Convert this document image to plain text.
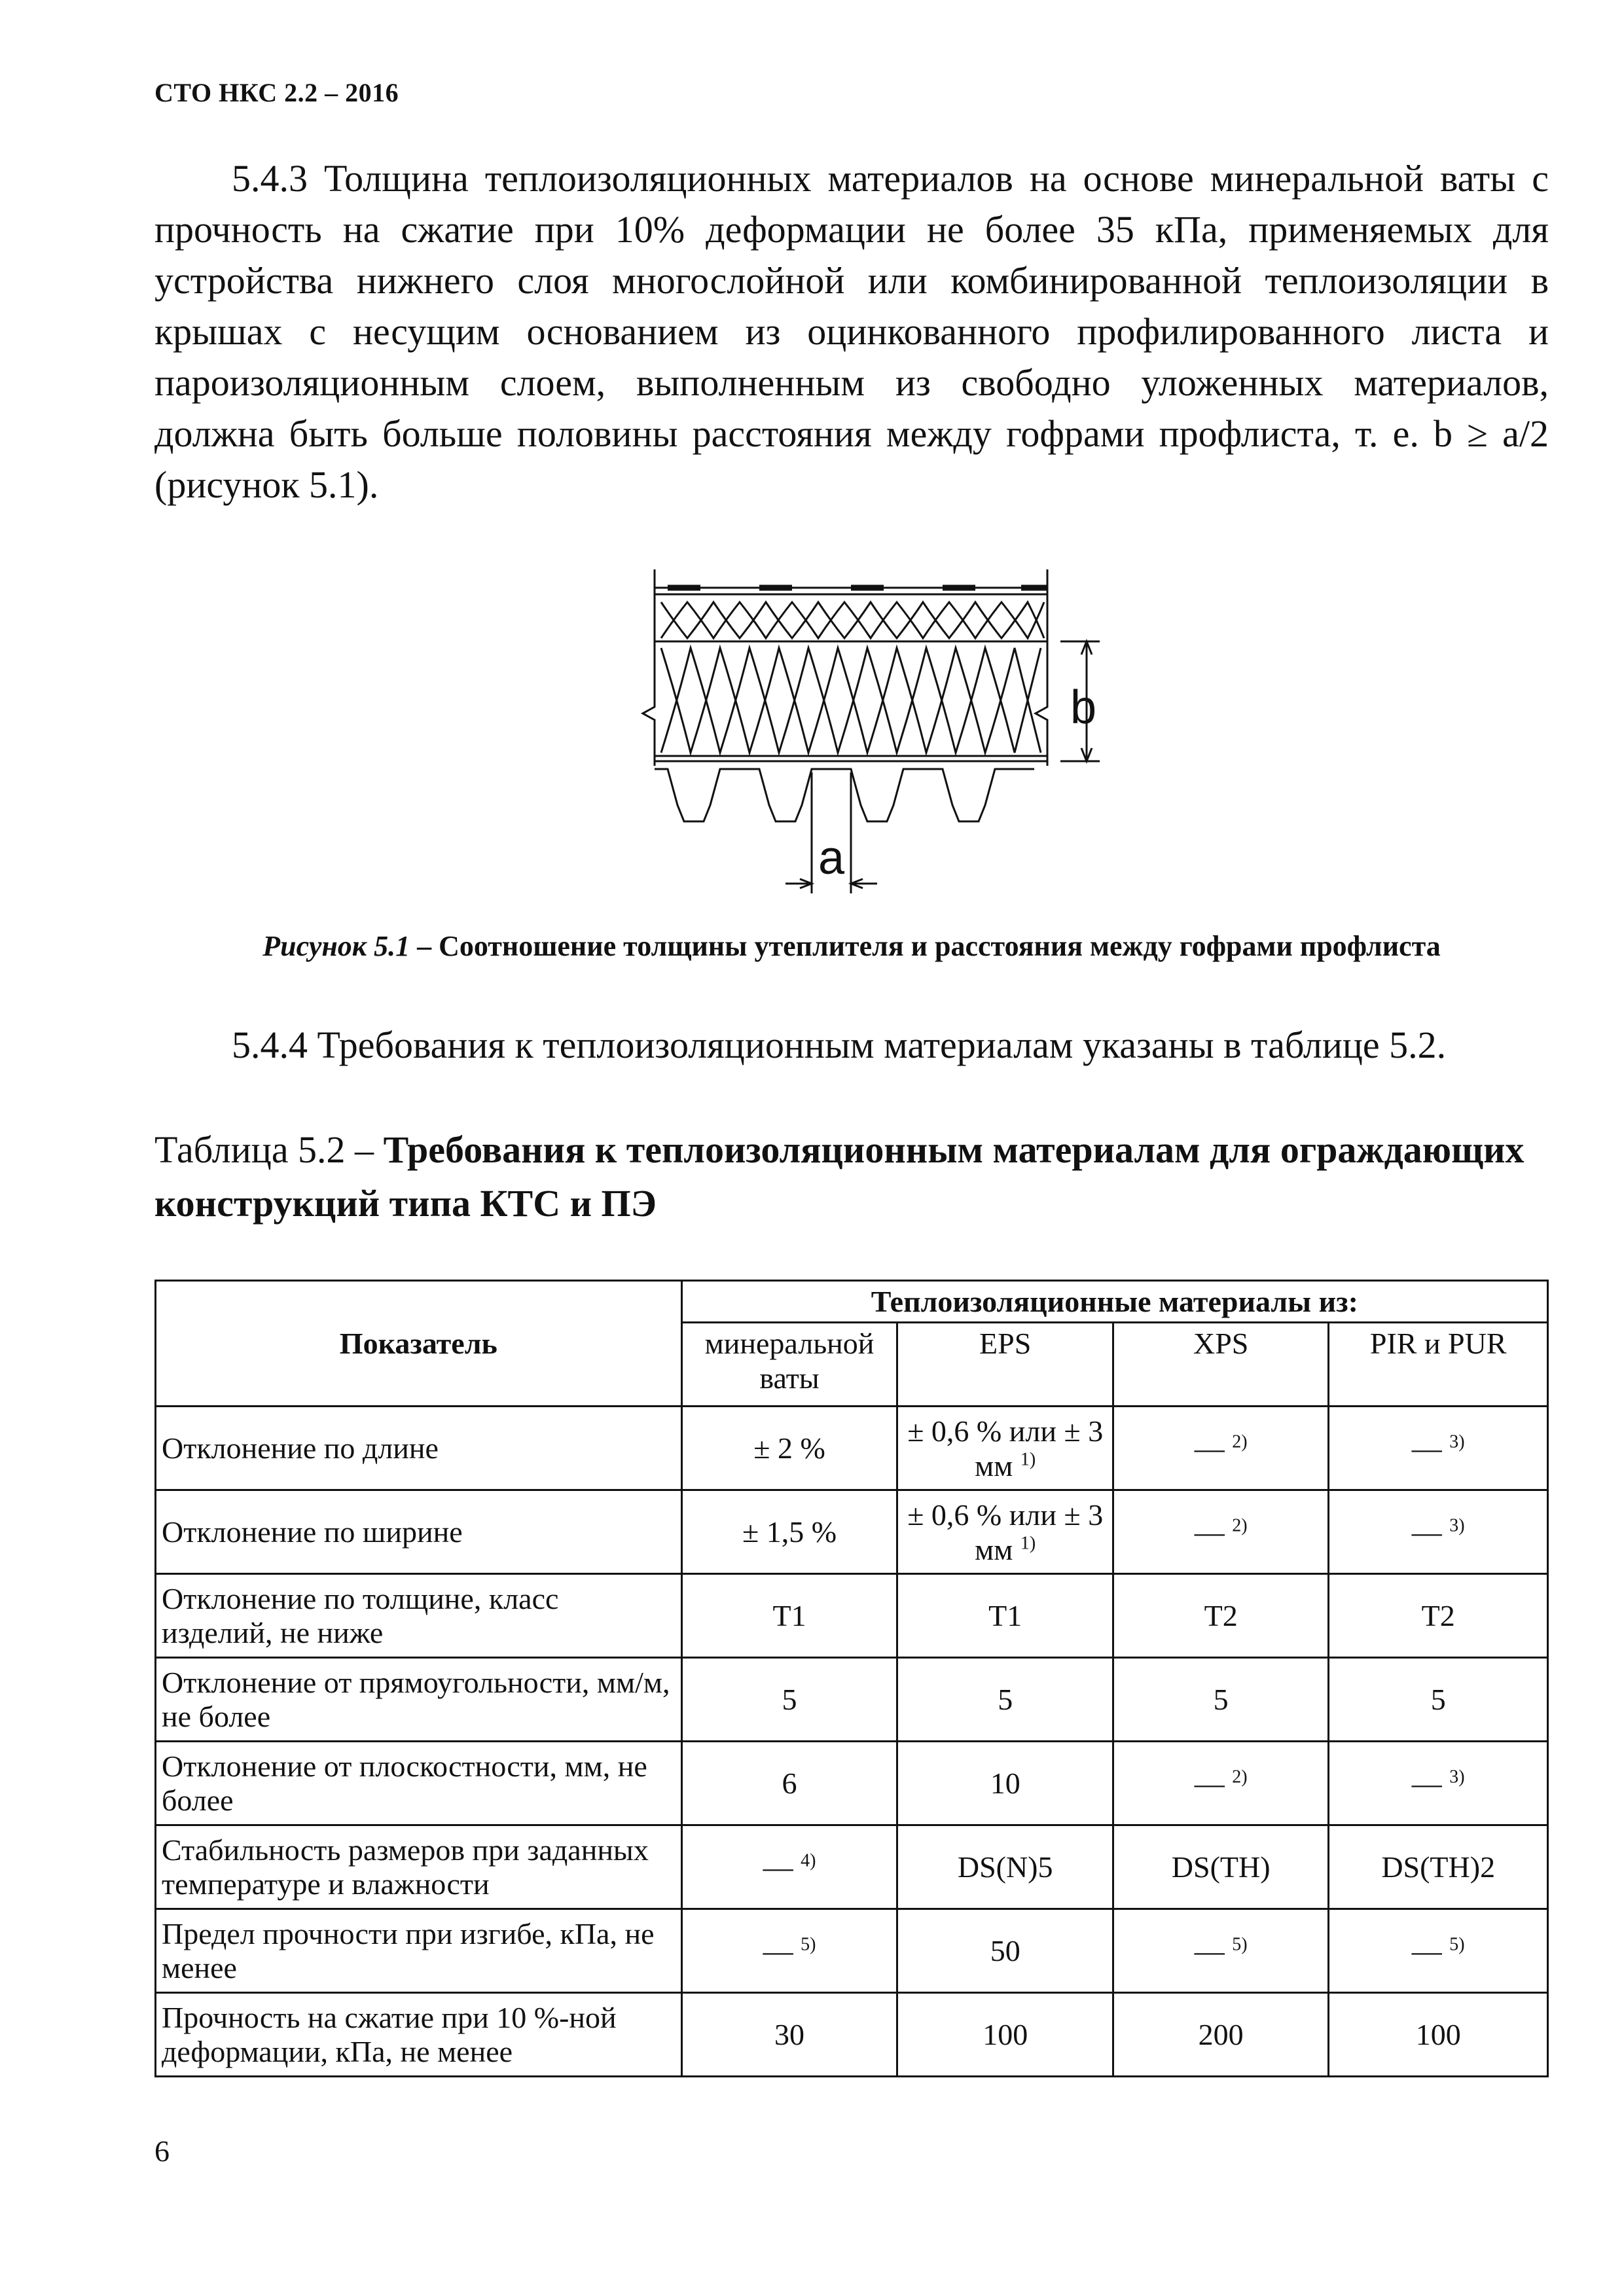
СТО НКС 2.2 – 2016
5.4.3 Толщина теплоизоляционных материалов на основе минеральной ваты с прочность на сжатие при 10% деформации не более 35 кПа, применяемых для устройства нижнего слоя многослойной или комбинированной теплоизоляции в крышах с несущим основанием из оцинкованного профилированного листа и пароизоляционным слоем, выполненным из свободно уложенных материалов, должна быть больше половины расстояния между гофрами профлиста, т. е. b ≥ a/2 (рисунок 5.1).
b
a
Рисунок 5.1 – Соотношение толщины утеплителя и расстояния между гофрами профлиста
5.4.4 Требования к теплоизоляционным материалам указаны в таблице 5.2.
Таблица 5.2 – Требования к теплоизоляционным материалам для ограждающих конструкций типа КТС и ПЭ
Показатель	Теплоизоляционные материалы из:			
	минеральной ваты	EPS	XPS	PIR и PUR
Отклонение по длине	± 2 %	± 0,6 % или ± 3 мм $^{1)}$	— $^{2)}$	— $^{3)}$
Отклонение по ширине	± 1,5 %	± 0,6 % или ± 3 мм $^{1)}$	— $^{2)}$	— $^{3)}$
Отклонение по толщине, класс изделий, не ниже	T1	T1	T2	T2
Отклонение от прямоугольности, мм/м, не более	5	5	5	5
Отклонение от плоскостности, мм, не более	6	10	— $^{2)}$	— $^{3)}$
Стабильность размеров при заданных температуре и влажности	— $^{4)}$	DS(N)5	DS(TH)	DS(TH)2
Предел прочности при изгибе, кПа, не менее	— $^{5)}$	50	— $^{5)}$	— $^{5)}$
Прочность на сжатие при 10 %-ной деформации, кПа, не менее	30	100	200	100
6
